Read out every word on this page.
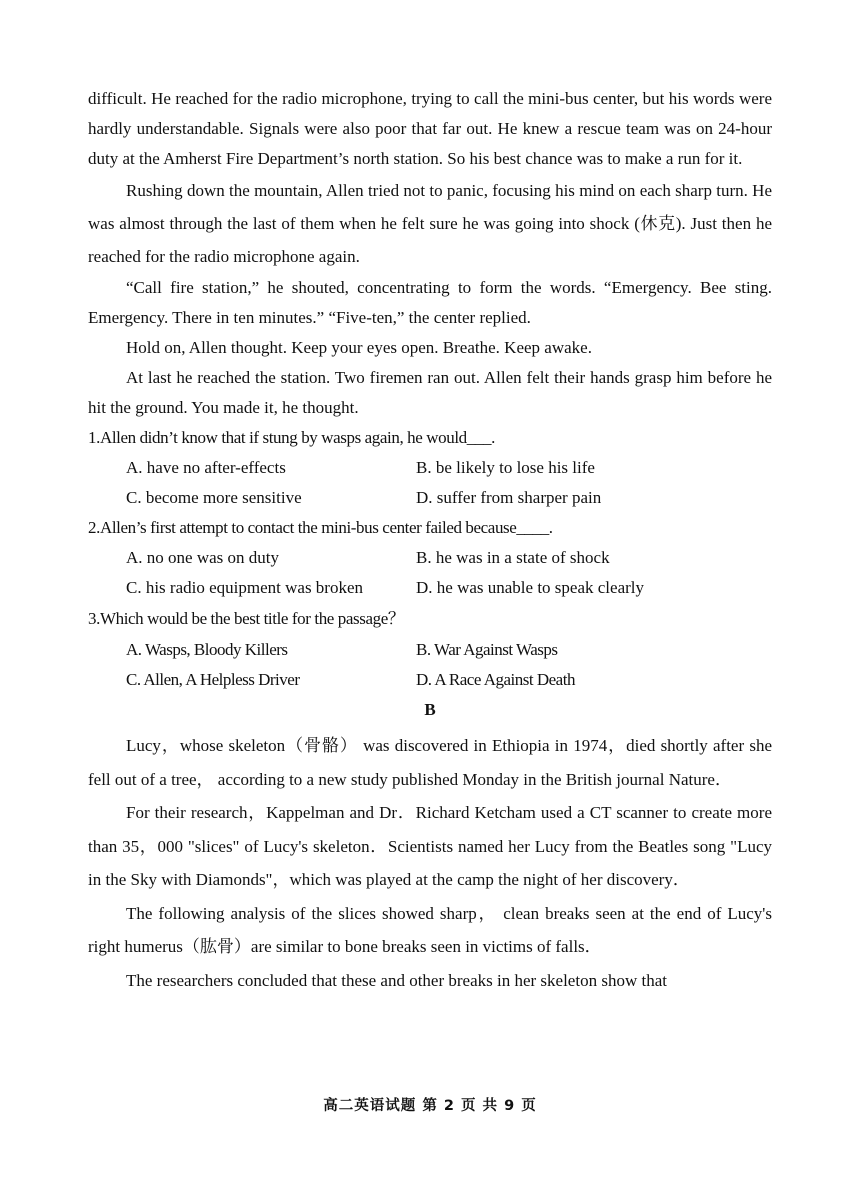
difficult. He reached for the radio microphone, trying to call the mini-bus center, but his words were hardly understandable. Signals were also poor that far out. He knew a rescue team was on 24-hour duty at the Amherst Fire Department’s north station. So his best chance was to make a run for it.

Rushing down the mountain, Allen tried not to panic, focusing his mind on each sharp turn. He was almost through the last of them when he felt sure he was going into shock (休克). Just then he reached for the radio microphone again.

“Call fire station,” he shouted, concentrating to form the words. “Emergency. Bee sting. Emergency. There in ten minutes.” “Five-ten,” the center replied.

Hold on, Allen thought. Keep your eyes open. Breathe. Keep awake.

At last he reached the station. Two firemen ran out. Allen felt their hands grasp him before he hit the ground. You made it, he thought.

1.Allen didn’t know that if stung by wasps again, he would___.

A. have no after-effects	B. be likely to lose his life
C. become more sensitive	D. suffer from sharper pain

2.Allen’s first attempt to contact the mini-bus center failed because____.

A. no one was on duty	B. he was in a state of shock
C. his radio equipment was broken	D. he was unable to speak clearly

3.Which would be the best title for the passage？

A. Wasps, Bloody Killers	B. War Against Wasps
C. Allen, A Helpless Driver	D. A Race Against Death

B

Lucy，whose skeleton（骨骼） was discovered in Ethiopia in 1974，died shortly after she fell out of a tree， according to a new study published Monday in the British journal Nature．

For their research，Kappelman and Dr．Richard Ketcham used a CT scanner to create more than 35，000 "slices" of Lucy's skeleton．Scientists named her Lucy from the Beatles song "Lucy in the Sky with Diamonds"，which was played at the camp the night of her discovery．

The following analysis of the slices showed sharp， clean breaks seen at the end of Lucy's right humerus（肱骨）are similar to bone breaks seen in victims of falls．

The researchers concluded that these and other breaks in her skeleton show that

高二英语试题 第 2 页 共 9 页
